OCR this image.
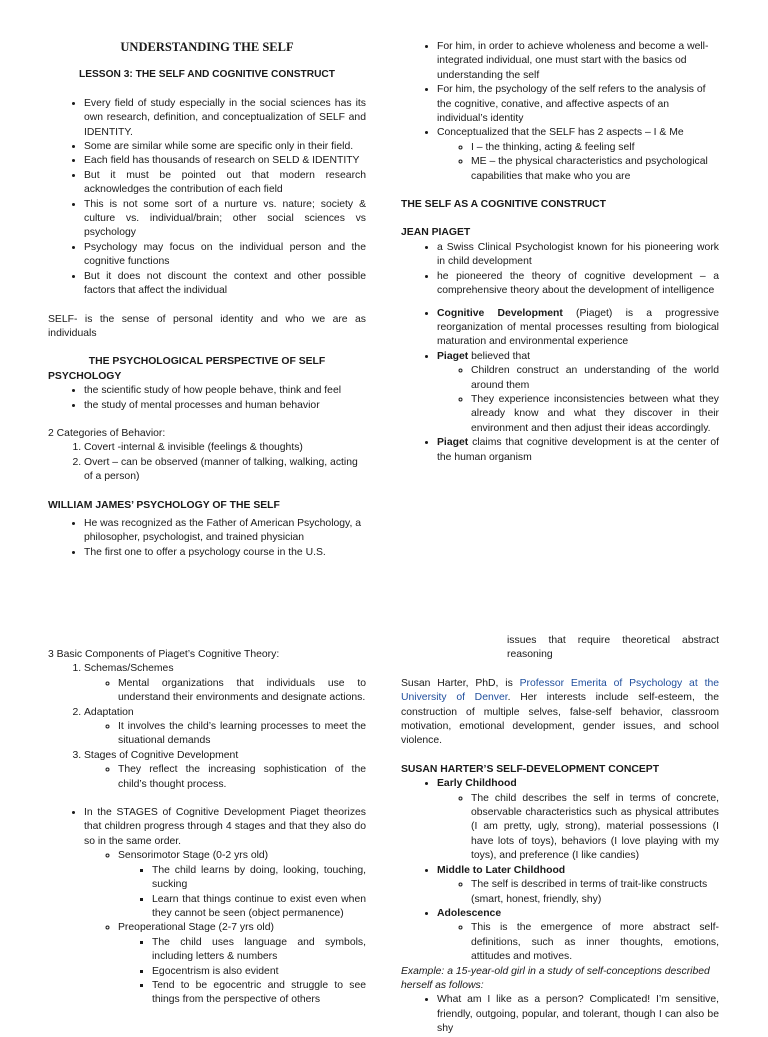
UNDERSTANDING THE SELF
LESSON 3: THE SELF AND COGNITIVE CONSTRUCT
• Every field of study especially in the social sciences has its own research, definition, and conceptualization of SELF and IDENTITY.
• Some are similar while some are specific only in their field.
• Each field has thousands of research on SELD & IDENTITY
• But it must be pointed out that modern research acknowledges the contribution of each field
• This is not some sort of a nurture vs. nature; society & culture vs. individual/brain; other social sciences vs psychology
• Psychology may focus on the individual person and the cognitive functions
• But it does not discount the context and other possible factors that affect the individual

SELF- is the sense of personal identity and who we are as individuals

THE PSYCHOLOGICAL PERSPECTIVE OF SELF
PSYCHOLOGY
• the scientific study of how people behave, think and feel
• the study of mental processes and human behavior

2 Categories of Behavior:

1. Covert -internal & invisible (feelings & thoughts)
2. Overt – can be observed (manner of talking, walking, acting of a person)
WILLIAM JAMES’ PSYCHOLOGY OF THE SELF
• He was recognized as the Father of American Psychology, a philosopher, psychologist, and trained physician
• The first one to offer a psychology course in the U.S.
• For him, in order to achieve wholeness and become a well-integrated individual, one must start with the basics od understanding the self
• For him, the psychology of the self refers to the analysis of the cognitive, conative, and affective aspects of an individual’s identity
• Conceptualized that the SELF has 2 aspects – I & Me
◦ I – the thinking, acting & feeling self
◦ ME – the physical characteristics and psychological capabilities that make who you are
THE SELF AS A COGNITIVE CONSTRUCT
JEAN PIAGET
• a Swiss Clinical Psychologist known for his pioneering work in child development
• he pioneered the theory of cognitive development – a comprehensive theory about the development of intelligence
• Cognitive Development (Piaget) is a progressive reorganization of mental processes resulting from biological maturation and environmental experience
• Piaget believed that
◦ Children construct an understanding of the world around them
◦ They experience inconsistencies between what they already know and what they discover in their environment and then adjust their ideas accordingly.
• Piaget claims that cognitive development is at the center of the human organism

3 Basic Components of Piaget’s Cognitive Theory:

1. Schemas/Schemes
◦ Mental organizations that individuals use to understand their environments and designate actions.
2. Adaptation
◦ It involves the child’s learning processes to meet the situational demands
3. Stages of Cognitive Development
◦ They reflect the increasing sophistication of the child’s thought process.
• In the STAGES of Cognitive Development Piaget theorizes that children progress through 4 stages and that they also do so in the same order.
◦ Sensorimotor Stage (0-2 yrs old)
▪ The child learns by doing, looking, touching, sucking
▪ Learn that things continue to exist even when they cannot be seen (object permanence)
◦ Preoperational Stage (2-7 yrs old)
▪ The child uses language and symbols, including letters & numbers
▪ Egocentrism is also evident
▪ Tend to be egocentric and struggle to see things from the perspective of others

issues that require theoretical abstract reasoning

Susan Harter, PhD, is Professor Emerita of Psychology at the University of Denver. Her interests include self-esteem, the construction of multiple selves, false-self behavior, classroom motivation, emotional development, gender issues, and school violence.

SUSAN HARTER’S SELF-DEVELOPMENT CONCEPT
• Early Childhood
◦ The child describes the self in terms of concrete, observable characteristics such as physical attributes (I am pretty, ugly, strong), material possessions (I have lots of toys), behaviors (I love playing with my toys), and preference (I like candies)
• Middle to Later Childhood
◦ The self is described in terms of trait-like constructs (smart, honest, friendly, shy)
• Adolescence
◦ This is the emergence of more abstract self-definitions, such as inner thoughts, emotions, attitudes and motives.

Example: a 15-year-old girl in a study of self-conceptions described herself as follows:

• What am I like as a person? Complicated! I’m sensitive, friendly, outgoing, popular, and tolerant, though I can also be shy
